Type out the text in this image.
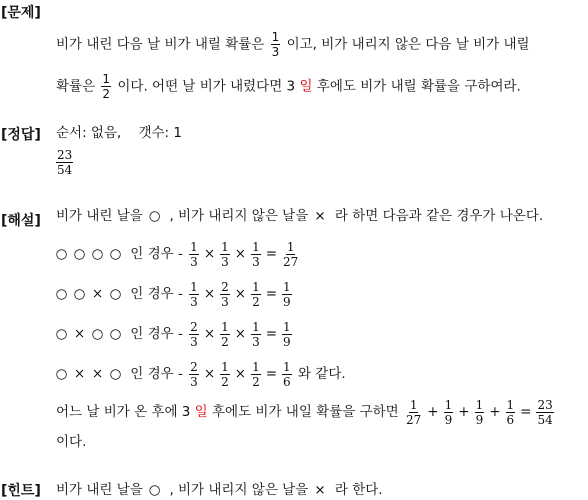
[문제]
비가 내린 다음 날 비가 내릴 확률은 $\frac{1}{3}$ 이고, 비가 내리지 않은 다음 날 비가 내릴
확률은 $\frac{1}{2}$ 이다. 어떤 날 비가 내렸다면 3 일 후에도 비가 내릴 확률을 구하여라.
[정답] 순서: 없음,    갯수: 1
$\frac{23}{54}$
[해설] 비가 내린 날을 ○ , 비가 내리지 않은 날을 × 라 하면 다음과 같은 경우가 나온다.
○ ○ ○ ○ 인 경우 - $\frac{1}{3} \times \frac{1}{3} \times \frac{1}{3} = \frac{1}{27}$
○ ○ × ○ 인 경우 - $\frac{1}{3} \times \frac{2}{3} \times \frac{1}{2} = \frac{1}{9}$
○ × ○ ○ 인 경우 - $\frac{2}{3} \times \frac{1}{2} \times \frac{1}{3} = \frac{1}{9}$
○ × × ○ 인 경우 - $\frac{2}{3} \times \frac{1}{2} \times \frac{1}{2} = \frac{1}{6}$ 와 같다.
어느 날 비가 온 후에 3 일 후에도 비가 내일 확률을 구하면 $\frac{1}{27} + \frac{1}{9} + \frac{1}{9} + \frac{1}{6} = \frac{23}{54}$
이다.
[힌트] 비가 내린 날을 ○ , 비가 내리지 않은 날을 × 라 한다.
